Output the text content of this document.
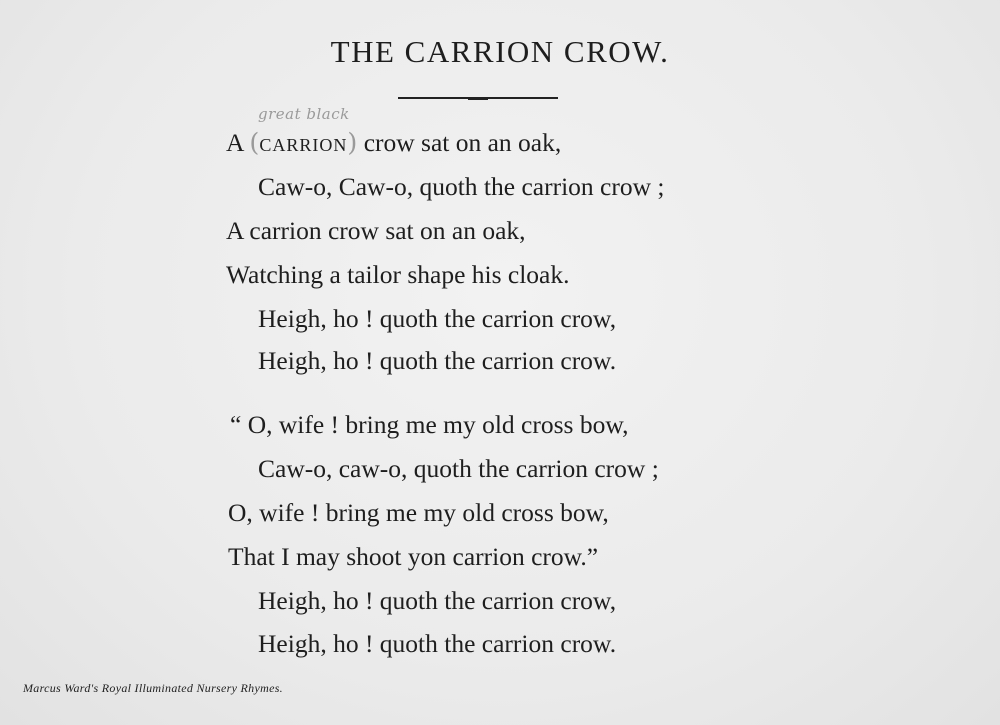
THE CARRION CROW.
great black
A (carrion) crow sat on an oak,
Caw-o, Caw-o, quoth the carrion crow ;
A carrion crow sat on an oak,
Watching a tailor shape his cloak.
Heigh, ho ! quoth the carrion crow,
Heigh, ho ! quoth the carrion crow.
“ O, wife ! bring me my old cross bow,
Caw-o, caw-o, quoth the carrion crow ;
O, wife ! bring me my old cross bow,
That I may shoot yon carrion crow.”
Heigh, ho ! quoth the carrion crow,
Heigh, ho ! quoth the carrion crow.
Marcus Ward's Royal Illuminated Nursery Rhymes.
